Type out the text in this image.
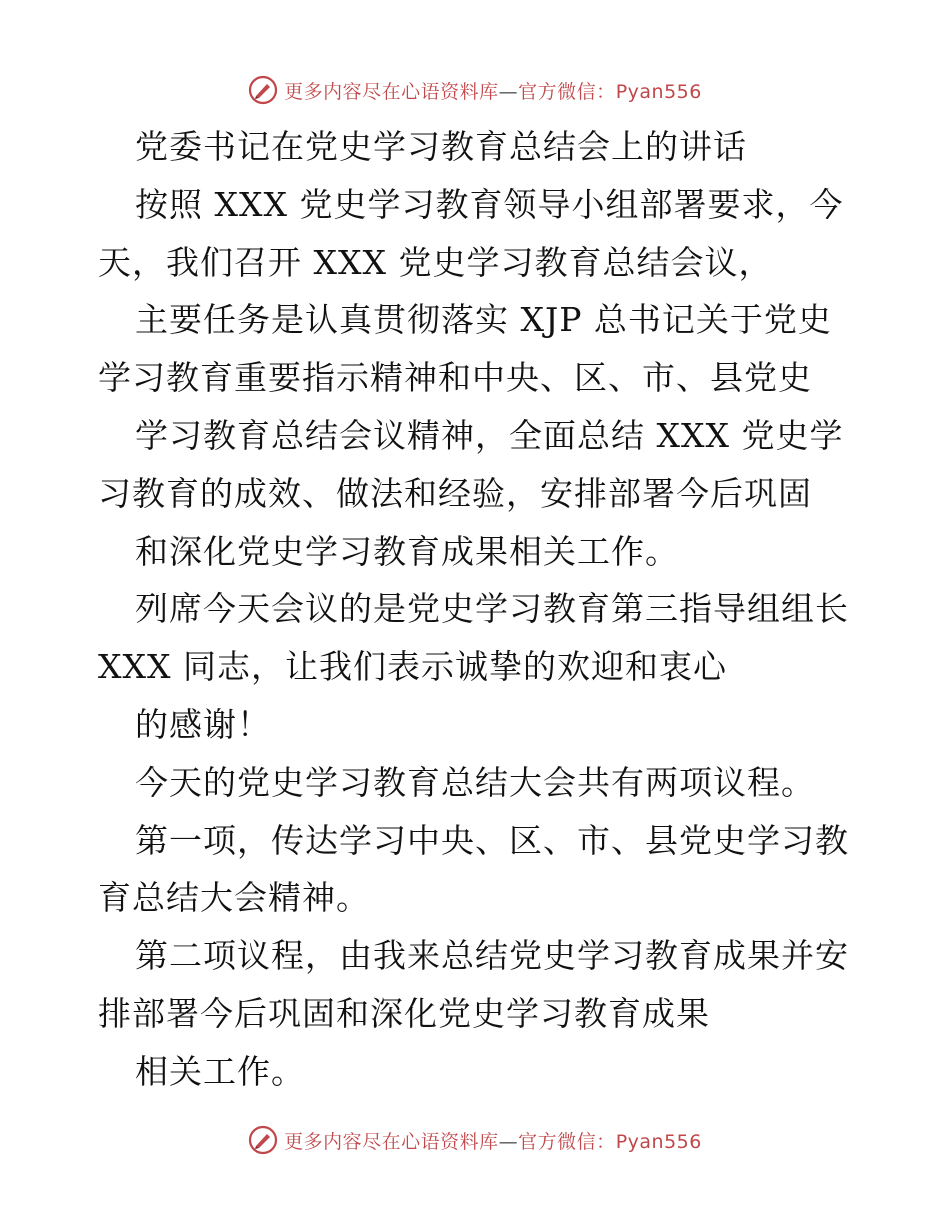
更多内容尽在心语资料库—官方微信：Pyan556
党委书记在党史学习教育总结会上的讲话
按照 XXX 党史学习教育领导小组部署要求，今
天，我们召开 XXX 党史学习教育总结会议，
主要任务是认真贯彻落实 XJP 总书记关于党史
学习教育重要指示精神和中央、区、市、县党史
学习教育总结会议精神，全面总结 XXX 党史学
习教育的成效、做法和经验，安排部署今后巩固
和深化党史学习教育成果相关工作。
列席今天会议的是党史学习教育第三指导组组长
XXX 同志，让我们表示诚挚的欢迎和衷心
的感谢！
今天的党史学习教育总结大会共有两项议程。
第一项，传达学习中央、区、市、县党史学习教
育总结大会精神。
第二项议程，由我来总结党史学习教育成果并安
排部署今后巩固和深化党史学习教育成果
相关工作。
更多内容尽在心语资料库—官方微信：Pyan556
